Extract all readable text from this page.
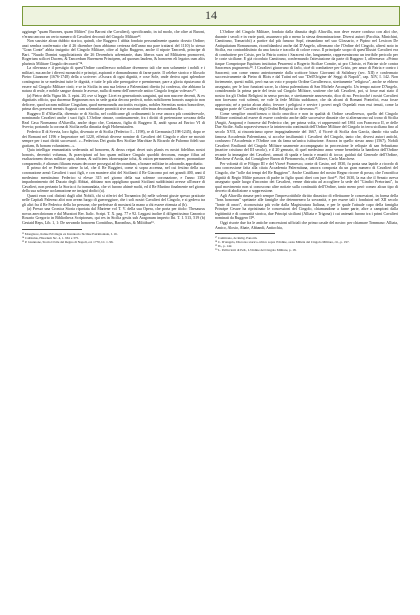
14

aggiunge "quam Barones, quam Milites" (tra Baroni che Cavalieri), specificando, in tal modo, che oltre ai Baroni, v'erano ancora un certo numero di Cavalieri decorati del Cingolo Militare¹³.

Non sussiste alcun dubbio storico, quindi, che Ruggero I abbia fondato personalmente quanto dovuto Ordine; anzi sembra confermato che il 26 dicembre (non abbiamo certezza dell'anno ma pare trattarsi del 1110) lo stesso "Gran Conte" abbia insignito del Cingolo Militare, oltre al figlio Ruggero, anche il nipote Tancredi, principe di Bari. "Nuado Domini suppliciationis die 26 Decembris adventante, duas liberos suos ad Militatem promoveri, Rogerium scilicet Ducem, & Tancredum Barensem Principem, ad quorum laudem, & honorem eli legatos cum aliis plurimis Militare Cingulo decoravit"¹⁴.

La rilevanza e il prestigio di quest'Ordine cavalleresco nobiliare divennero tali che non solamente i nobili e i militari, ma anche i diversi monarchi e principi, aspiranti e domandavano di farne parte. Il celebre storico e filosofo Pietro Giannone (1676-1748) della a scrivere: «Oscura di ogni dignità, e cose Sole, onde deriva ogni splendore contingono in se medesimi tutte le dignità, e tutte le più alte prerogative e preminenze, pare a gloria riputavano di essere sul Cingolo Militare cinti; e se in Sicilia in una sua lettera a Palermitani diretta (si confessa, che abbiano la natura di reale, e nobile sangue donato le avesse, nulla di meno dell'ornevole antico Cingolo fregiar volesse»¹⁵.

(a) Pietro della Vigna lib. 3. epist. 20, ove si legge: Licet ex generationis sanguini, qui non nascere decenti, & ex dignitatis officio, qua ducemur Regnorum nos in sede gratia decora perfecit, nobis nobiliorem honoris auspicio non deficere, quod sacram militiae Cingulum, quod memorandis auctoritis excipias, nobiles Serenitas nostra bonorifere, prima dies presenti mensis Augusti cum solemnitate promittit sive nostrum offerimus decorandum &c.

Ruggero II d'Altavilla, divenuto re di Sicilia, nel codificarne gli ordinamenti lo rese ancora più considerevole, nominando Cavalieri anche i suoi figli. L'Ordine rimase, continuamente, fra i diritti di pretensione sovrana della Real Casa Normanna d'Altavilla, anche dopo che, Costanza, figlia di Ruggero II, andò sposa ad Enrico VI di Svevia; portando la corona di Sicilia nella dinastia degli Hohenstaufen.

Federico II di Svevia, loro figlio, divenuto re di Sicilia (Federico I – 1198), re di Germania (1198-1245), dopo re dei Romani nel 1196 e Imperatore nel 1220, effettuò diverse nomine di Cavalieri del Cingolo e altre ne mostrò sempre per i suoi diritti successori. «...Federicus Dei gratia Rex Siciliae Marchiae & Ricardo de Palormo fideli suo gratiam, & bonam voluntatem...».

Quia intelligar emmanitatis sederantis ad honorem, & decus reipai decet suis planis ex nostri fidelibus nostri honoris, decentiri volumus, & praecipiunt ad hoc quam militare Cingulo quoddit decorans, eusque filius ad esaltazionem decus militiae apta, idonea, & sufficiens idoneaquiae tolui, & ostion permanentis caterer, pronuntiare comparendo, è aliorum filiaum essum decorare prosegui ad decorandum, a bonare militiae in adorandis approbatio.

Il primo del re Federico attese la tal, che il Re Ruggieri, come si sopra accenna, nel cui festino della sua coronazione armò Cavalieri i suoi figli, e con maniere altri del Sicilianti il Re Giacomo poi nei grandi 400, anni il medesimo mentissimo Federico si elesse 315 nel giorno della sua solenne coronazione, e l'anno 1302 impadronimento del Ducato degli Abbiai, abbiano non appigliano quanti Siciliani sudditiniati avesse all'onore di Cavalieri, non pertanto la Storia ci fu tramandata, che vi furono ahimè molti, ed il Re Martino finalmente nel giorno della sua solenne acclamazione ne insigní dodici (a).

Quanti eran così distinti dagli altri Nobili, chi si riferivi del Tornamira (b) nelle solenni giuste spesso praticate nelle Capitali Palermo altri non avean luogo di guerreggiare, che i soli nostri Cavalieri del Cingolo, e si gedeva tra gli altri fra il Re Federico della lor persone, che preferisse di mostarsi la mano a chi essere ritenuta al (b).

(a) Presso una Cronica Storia riportata dal Martene vol T. V. della sua Opera, che porta per titolo: Thesaurus novus anecdotorum e dal Muratori Rer. Italic. Script. T. X. pag. 77 e 92. Leggasi inoltre il diligentissimo Canonico Rosario Gregorio in Bibliotheca Scriptorum, qui res in Sicilia gestis sub Aragonum imperio Ibi. T. I. 513, 519 (b) Gestaid Reps, Lib. 1, 1: De servando honorem Cornitibus, Baronibus, & Militibus¹⁶.

¹³ Mongitore, Italiae Privilegia ex Inventorio Siciliae Patrimoniale, I. 16.

¹⁴ Caltitulus, Hisorium Sic. 4, 1. 961 e 375.

¹⁵ P. Giannone, Storia Civile del Regno di Napoli, ed. 1770, I.I. 1. 96.

L'Ordine del Cingolo Militare, fondato dalla dinastia degli Altavilla, non deve essere confuso con altri che, durante i secoli e in varie parti, assunsero più o meno la stessa denominazione. Diversi autori (Pacchia, Minichini, Camitrano, Tomarichi) a partire dal più famoso Sopf, rimandano nel suo Glossario, e Pipino nel Lexicon De Antiquitatum Romanorum, riconfidandosi anche dal D'Angelo, affermano che l'Ordine del Cingolo, altresì noto in Sicilia, era contraddistinto da una fascia e tracolla di colore rosso. Il principale scopo di quest'Illustri Cavalieri era di combattere per Cristo, per la Patria contro i Saraceni che, lungamente, rappresentarono un terribile pericolo per le coste siciliane. E già ricordato Camitrano, confermando l'attestazione da parte di Ruggero I, affermava: «Primo itaque Comprtoque Equitum institutus Pesarensi a Rogerio Siciliae Comite, ut pro Christo, et Patriae sicle contra Saracenos pugnarent»¹⁸. I Cavalieri giuravano di farlo, cioè di combattere per Cristo, per amor di Patria e contro i Saraceni; con come vanno anteriormente dalla scrittore bizzo Giovanni di Salisbury (sec. XII) e confermato successivamente da Pietro di Blois e dal Tutini nel suo "Dell'Origine de' Seggi di Napoli", cap. XIV, I. 142. Non fortemente, questi militi, però ma un voto e proprio Ordine Cavalleresco, strettamente "religioso", anche se ebbero assegnato, per le loro funzioni sacre, la chiesa palermitana di San Michele Arcangelo. Un tempo autore D'Angelo, considerando la prima parte del testo sul Cingolo Militare, sostiene che tali Cavalieri, poi, si fosse mai stato il nostro fra gli Ordini Religiosi in senso preciso, e strettamente annoverato, dico di no. Perciocché i nostri Cavalieri non facevano voti solenni, ne vale la fede Militia suddiance, che da alcuni di Romani Pontefici, essa fosse approvata; né a portar alcun abito, fervore i peligiosi e servire i poveri negli Ospedali eran essi tenuti, come la maggior parte de' Cavalieri degli Ordini Religiosi far doveano»¹⁹.

Come semplice onorificenza o titolo onorifico e non in qualità di Ordine cavalleresco, quello del Cingolo Militare continuò ad essere di essere conferito anche dalle successive dinastie che si alternarono sul trono di Sicilia (Angiò, Aragona) e francese dal Federico che, per prima volta, vi rappresentò nel 1861 con Francesco II, re delle Due Sicilie. Sulla sopravvivenza e la ininterrotta continuità dell'Ordine Militare del Cingolo in terra siciliana fino al secolo XVII, ai rincontriamo opere impaginalmente del 1667, il Vicerè di Sicilia don García, dando vita sulla famosa Accademia Palermitana, si accolse insiliamisti i Cavalieri del Cingolo, tanto che, diversi autori antichi, confusero l'Accademia e l'Ordine con da fama un'unica istituzione. Ancora in quello stesso anno (1567), Nobili Cavalieri Emilianti del Cingolo Militare unamente accompagnato in processione le reliquie di san Sebastiano (martire cristiano del III secolo), e il 20 gennaio, di quel medesimo anno venne benedetta la bandiera dell'Ordine recante la immagine dei Cavalieri, armati di spada e lancia e muniti di tocca; guidati dal Generale dell'Ordine, Marchese d'Avola, dal Consigliere Baron di Pietrameola, e dall'Allfiere, Carlo Marchese.

Per volontà di re Filippo III e del Viceré Francesco, conte di Castro, nel 1830, fu posta una lapide a ricordo di una concessione fatta alla citata Accademia Palermitana, ancora composta da un gran numero di Cavalieri del Cingolo, che "tolle dai tempi del Re Ruggiero". Anche Castiliano del nostro Regno ricorre di posso, che l'onorifica dignità di Regio Milite passava di padre in figlio quasi direi con jure fiori²⁰. Nel 1630, la ma che il Senato aveva assegnato quale luogo d'incontro dei Cavalieri, venne distrutta ad accogliere la sede del "Gindici Pretoriani", fu qual movimento non si conoscono altre notizie sulla continuità dell'Ordine, tanto meno però comeo alcun tipo di decreto di abolizione o soppressione.

Agli Altavilla rimase però sempre l'imprescrittibile diritto dinastico di effettuarne le concessioni, in forma della "fons honorum" spettante alle famiglie che detennenero la sovranità, e per essere tali i fondatori nel XII secolo "fonte di onori", riconosciuta più volte dalla Magistratura Italiana, e per le quale l'attuale capo della famiglia Principe Cesare ha ripristinato le concessioni del Cingolo, chiamandone a farne parte, altre a campioni dalla legittimità e di comunità storica, due Principi siciliani (Alliata e Trigona) i cui antenati furono tra i primi Cavalieri nominati da Ruggero II²¹.

Oggi risorte due fra le antiche concessioni ufficiali che primo casale del nostro: per chiamare Tommaso: Alliata, Amico, Alosio, Abate, Abbandi, Antiochia,

¹⁷ Camitrano, de Relig. Panorm.

¹⁸ C. D'Angelo, Discorso storico-critico sopra l'Ordine, ossia Milizia del Cingolo Militare, cit., p. 197.

¹⁹ Ib., p. 142.

²⁰ L. Pellicciotti di Pell., L'Ordine del Cingolo Militare, p. 18.
